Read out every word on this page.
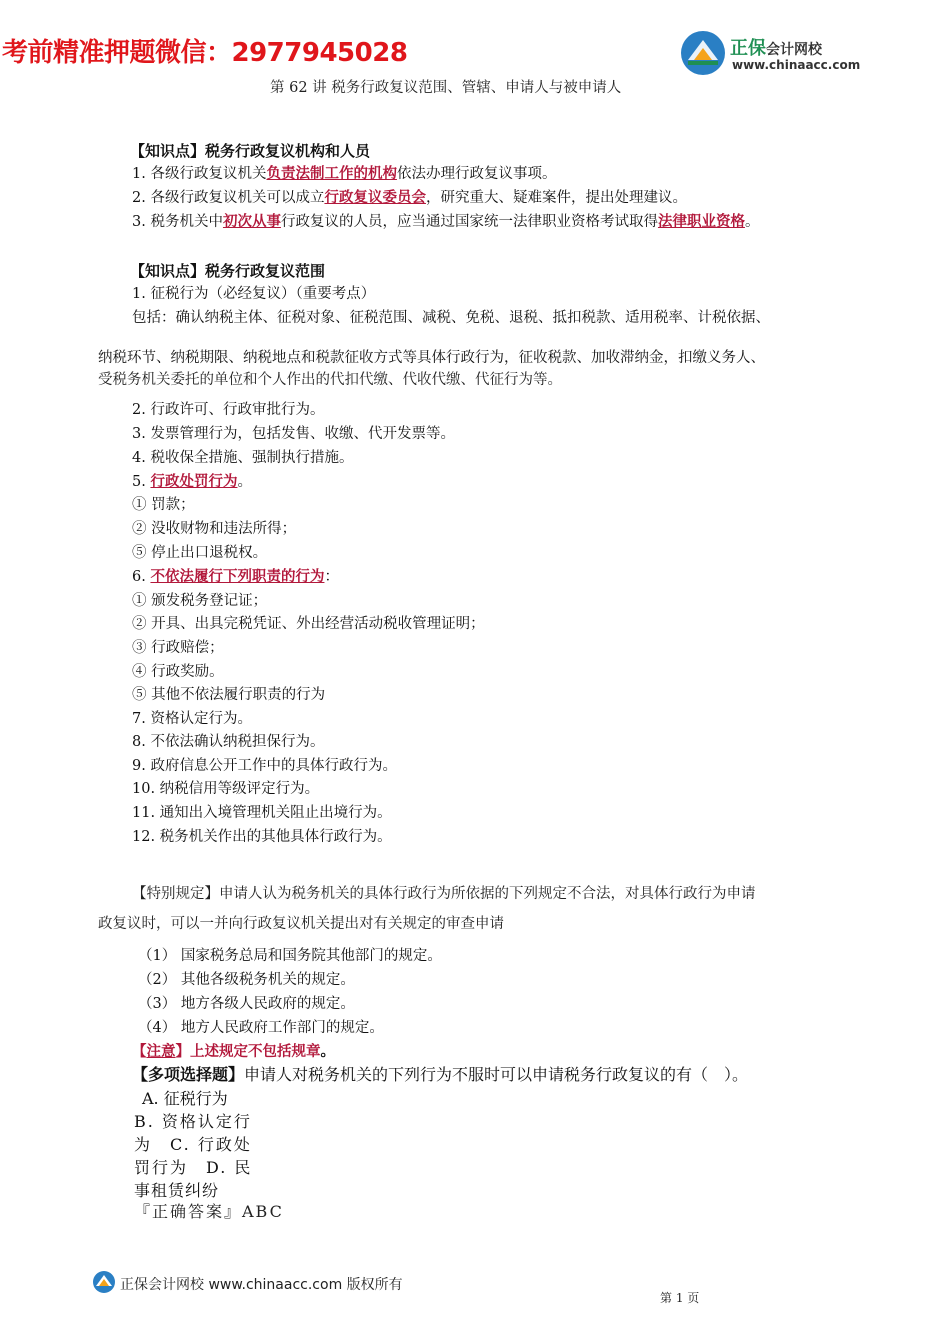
考前精准押题微信：2977945028	正保会计网校
www.chinaacc.com
第 62 讲 税务行政复议范围、管辖、申请人与被申请人

【知识点】税务行政复议机构和人员
1. 各级行政复议机关负责法制工作的机构依法办理行政复议事项。
2. 各级行政复议机关可以成立行政复议委员会，研究重大、疑难案件，提出处理建议。
3. 税务机关中初次从事行政复议的人员，应当通过国家统一法律职业资格考试取得法律职业资格。
【知识点】税务行政复议范围
1. 征税行为（必经复议）（重要考点）
包括：确认纳税主体、征税对象、征税范围、减税、免税、退税、抵扣税款、适用税率、计税依据、
纳税环节、纳税期限、纳税地点和税款征收方式等具体行政行为，征收税款、加收滞纳金，扣缴义务人、
受税务机关委托的单位和个人作出的代扣代缴、代收代缴、代征行为等。
2. 行政许可、行政审批行为。
3. 发票管理行为，包括发售、收缴、代开发票等。
4. 税收保全措施、强制执行措施。
5. 行政处罚行为。
① 罚款；
② 没收财物和违法所得；
⑤ 停止出口退税权。
6. 不依法履行下列职责的行为：
① 颁发税务登记证；
② 开具、出具完税凭证、外出经营活动税收管理证明；
③ 行政赔偿；
④ 行政奖励。
⑤ 其他不依法履行职责的行为
7. 资格认定行为。
8. 不依法确认纳税担保行为。
9. 政府信息公开工作中的具体行政行为。
10. 纳税信用等级评定行为。
11. 通知出入境管理机关阻止出境行为。
12. 税务机关作出的其他具体行政行为。
【特别规定】申请人认为税务机关的具体行政行为所依据的下列规定不合法，对具体行政行为申请
政复议时，可以一并向行政复议机关提出对有关规定的审查申请
（1） 国家税务总局和国务院其他部门的规定。
（2） 其他各级税务机关的规定。
（3） 地方各级人民政府的规定。
（4） 地方人民政府工作部门的规定。
【注意】上述规定不包括规章。
【多项选择题】申请人对税务机关的下列行为不服时可以申请税务行政复议的有（　）。
A. 征税行为
B. 资格认定行
为　C. 行政处
罚行为　D. 民
事租赁纠纷
『正确答案』ABC
正保会计网校 www.chinaacc.com 版权所有
第 1 页
